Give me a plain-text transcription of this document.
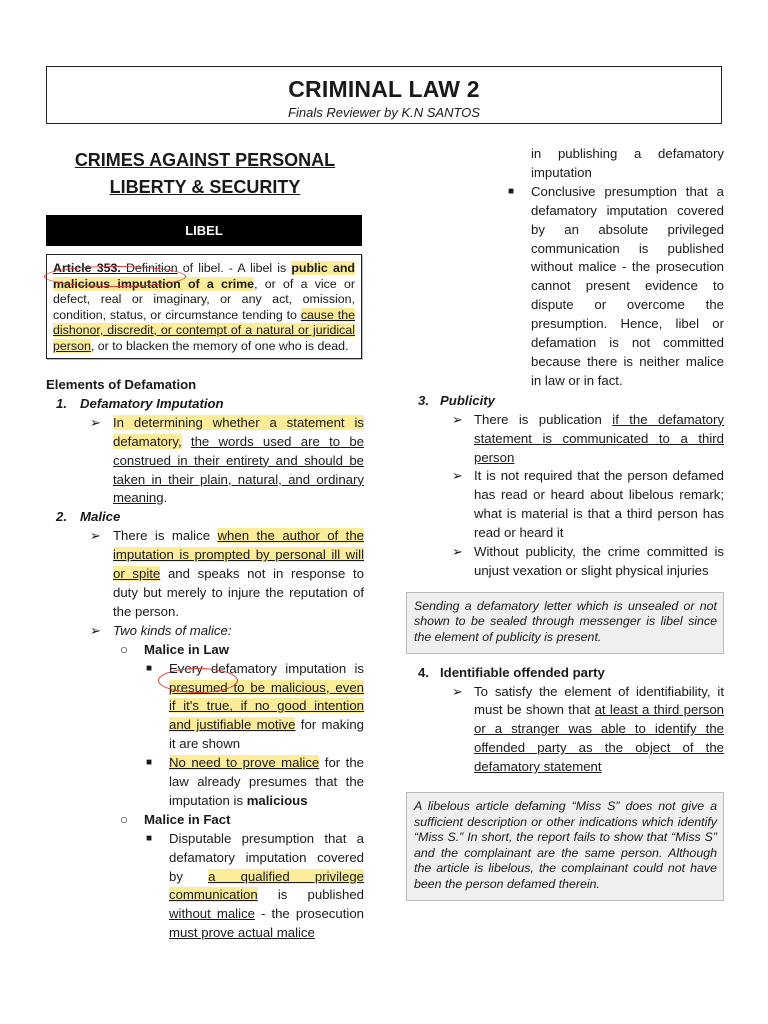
CRIMINAL LAW 2
Finals Reviewer by K.N SANTOS
CRIMES AGAINST PERSONAL
LIBERTY & SECURITY
LIBEL
Article 353. Definition of libel. - A libel is public and malicious imputation of a crime, or of a vice or defect, real or imaginary, or any act, omission, condition, status, or circumstance tending to cause the dishonor, discredit, or contempt of a natural or juridical person, or to blacken the memory of one who is dead.
Elements of Defamation
1. Defamatory Imputation
➢ In determining whether a statement is defamatory, the words used are to be construed in their entirety and should be taken in their plain, natural, and ordinary meaning.
2. Malice
➢ There is malice when the author of the imputation is prompted by personal ill will or spite and speaks not in response to duty but merely to injure the reputation of the person.
➢ Two kinds of malice:
○ Malice in Law
■ Every defamatory imputation is presumed to be malicious, even if it's true, if no good intention and justifiable motive for making it are shown
■ No need to prove malice for the law already presumes that the imputation is malicious
○ Malice in Fact
■ Disputable presumption that a defamatory imputation covered by a qualified privilege communication is published without malice - the prosecution must prove actual malice
in publishing a defamatory imputation
■ Conclusive presumption that a defamatory imputation covered by an absolute privileged communication is published without malice - the prosecution cannot present evidence to dispute or overcome the presumption. Hence, libel or defamation is not committed because there is neither malice in law or in fact.
3. Publicity
➢ There is publication if the defamatory statement is communicated to a third person
➢ It is not required that the person defamed has read or heard about libelous remark; what is material is that a third person has read or heard it
➢ Without publicity, the crime committed is unjust vexation or slight physical injuries
Sending a defamatory letter which is unsealed or not shown to be sealed through messenger is libel since the element of publicity is present.
4. Identifiable offended party
➢ To satisfy the element of identifiability, it must be shown that at least a third person or a stranger was able to identify the offended party as the object of the defamatory statement
A libelous article defaming “Miss S” does not give a sufficient description or other indications which identify “Miss S.” In short, the report fails to show that “Miss S” and the complainant are the same person. Although the article is libelous, the complainant could not have been the person defamed therein.
